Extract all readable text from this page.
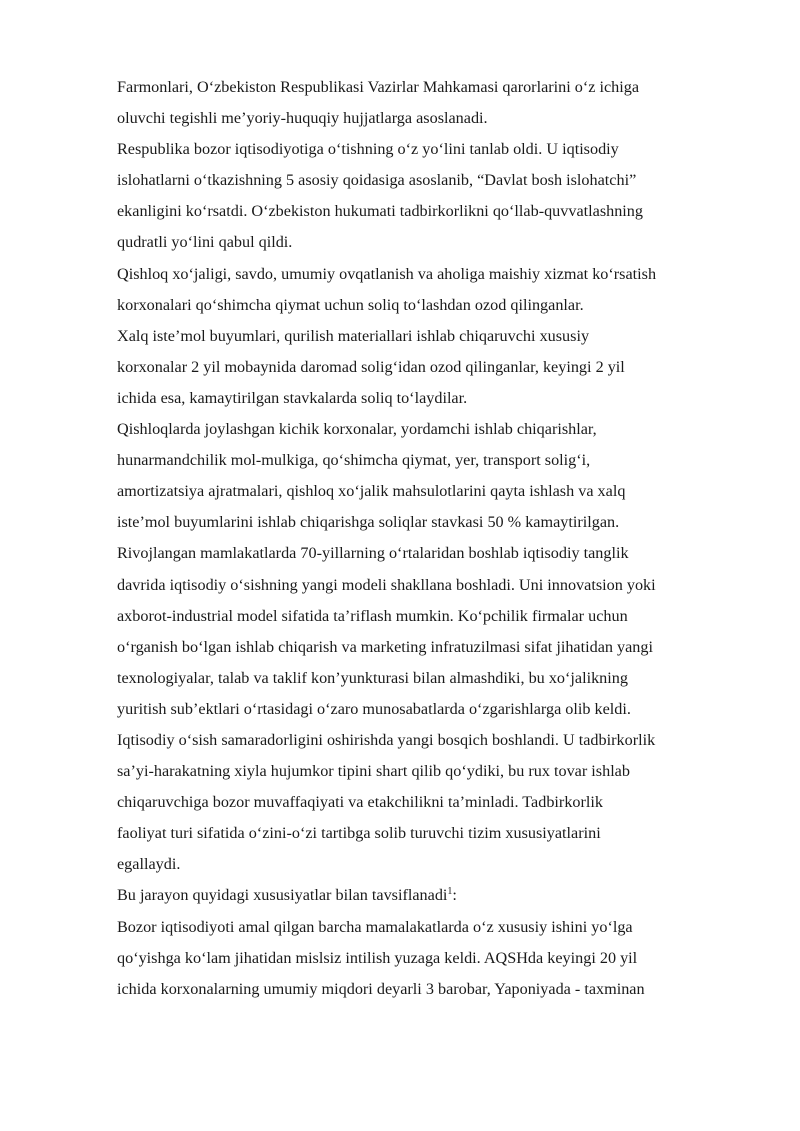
Farmonlari, O‘zbekiston Respublikasi Vazirlar Mahkamasi qarorlarini o‘z ichiga
oluvchi tegishli me’yoriy-huquqiy hujjatlarga asoslanadi.
Respublika bozor iqtisodiyotiga o‘tishning o‘z yo‘lini tanlab oldi. U iqtisodiy
islohatlarni o‘tkazishning 5 asosiy qoidasiga asoslanib, “Davlat bosh islohatchi”
ekanligini ko‘rsatdi. O‘zbekiston hukumati tadbirkorlikni qo‘llab-quvvatlashning
qudratli yo‘lini qabul qildi.
Qishloq xo‘jaligi, savdo, umumiy ovqatlanish va aholiga maishiy xizmat ko‘rsatish
korxonalari qo‘shimcha qiymat uchun soliq to‘lashdan ozod qilinganlar.
Xalq iste’mol buyumlari, qurilish materiallari ishlab chiqaruvchi xususiy
korxonalar 2 yil mobaynida daromad solig‘idan ozod qilinganlar, keyingi 2 yil
ichida esa, kamaytirilgan stavkalarda soliq to‘laydilar.
Qishloqlarda joylashgan kichik korxonalar, yordamchi ishlab chiqarishlar,
hunarmandchilik mol-mulkiga, qo‘shimcha qiymat, yer, transport solig‘i,
amortizatsiya ajratmalari, qishloq xo‘jalik mahsulotlarini qayta ishlash va xalq
iste’mol buyumlarini ishlab chiqarishga soliqlar stavkasi 50 % kamaytirilgan.
Rivojlangan mamlakatlarda 70-yillarning o‘rtalaridan boshlab iqtisodiy tanglik
davrida iqtisodiy o‘sishning yangi modeli shakllana boshladi. Uni innovatsion yoki
axborot-industrial model sifatida ta’riflash mumkin. Ko‘pchilik firmalar uchun
o‘rganish bo‘lgan ishlab chiqarish va marketing infratuzilmasi sifat jihatidan yangi
texnologiyalar, talab va taklif kon’yunkturasi bilan almashdiki, bu xo‘jalikning
yuritish sub’ektlari o‘rtasidagi o‘zaro munosabatlarda o‘zgarishlarga olib keldi.
Iqtisodiy o‘sish samaradorligini oshirishda yangi bosqich boshlandi. U tadbirkorlik
sa’yi-harakatning xiyla hujumkor tipini shart qilib qo‘ydiki, bu rux tovar ishlab
chiqaruvchiga bozor muvaffaqiyati va etakchilikni ta’minladi. Tadbirkorlik
faoliyat turi sifatida o‘zini-o‘zi tartibga solib turuvchi tizim xususiyatlarini
egallaydi.
Bu jarayon quyidagi xususiyatlar bilan tavsiflanadi$^1$:
Bozor iqtisodiyoti amal qilgan barcha mamalakatlarda o‘z xususiy ishini yo‘lga
qo‘yishga ko‘lam jihatidan mislsiz intilish yuzaga keldi. AQSHda keyingi 20 yil
ichida korxonalarning umumiy miqdori deyarli 3 barobar, Yaponiyada - taxminan
